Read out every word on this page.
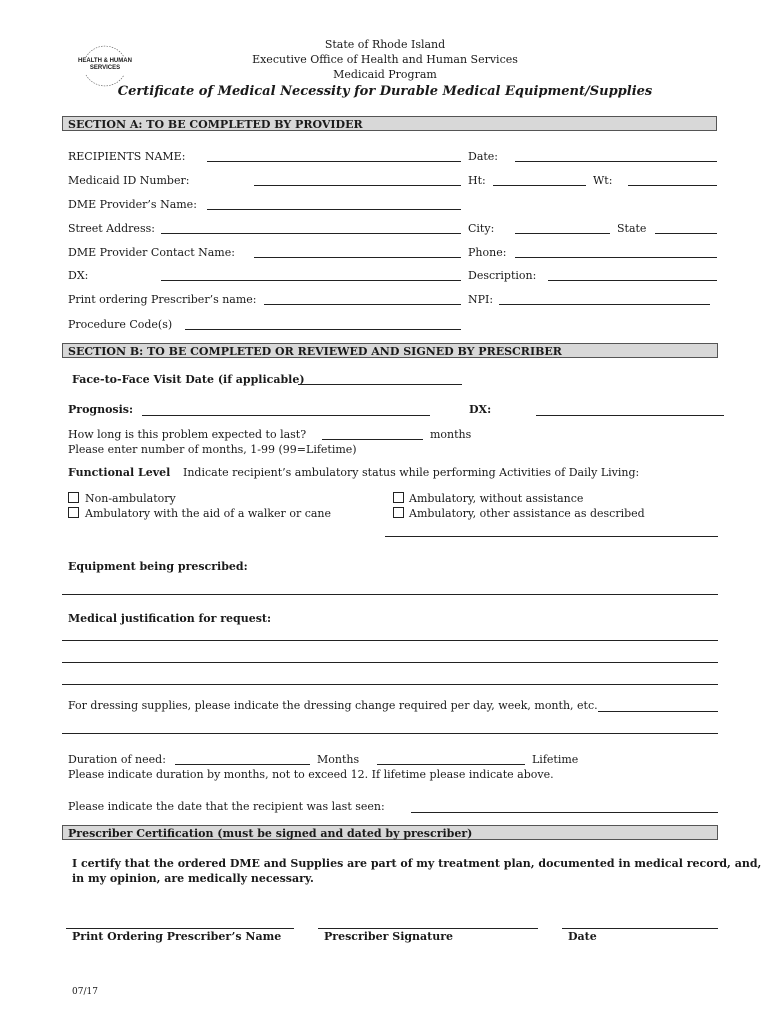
HEALTH & HUMAN
SERVICES
State of Rhode Island
Executive Office of Health and Human Services
Medicaid Program
Certificate of Medical Necessity for Durable Medical Equipment/Supplies
SECTION A: TO BE COMPLETED BY PROVIDER
RECIPIENTS NAME:	Date:
Medicaid ID Number:	Ht:	Wt:
DME Provider’s Name:
Street Address:	City:	State
DME Provider Contact Name:	Phone:
DX:	Description:
Print ordering Prescriber’s name:	NPI:
Procedure Code(s)
SECTION B: TO BE COMPLETED OR REVIEWED AND SIGNED BY PRESCRIBER
Face-to-Face Visit Date (if applicable)
Prognosis:	DX:
How long is this problem expected to last?	months
Please enter number of months, 1-99 (99=Lifetime)
Functional Level Indicate recipient’s ambulatory status while performing Activities of Daily Living:
Non-ambulatory
Ambulatory with the aid of a walker or cane
Ambulatory, without assistance
Ambulatory, other assistance as described
Equipment being prescribed:
Medical justification for request:
For dressing supplies, please indicate the dressing change required per day, week, month, etc.
Duration of need:	Months	Lifetime
Please indicate duration by months, not to exceed 12. If lifetime please indicate above.
Please indicate the date that the recipient was last seen:
Prescriber Certification (must be signed and dated by prescriber)
I certify that the ordered DME and Supplies are part of my treatment plan, documented in medical record, and,
in my opinion, are medically necessary.
Print Ordering Prescriber’s Name	Prescriber Signature	Date
07/17
